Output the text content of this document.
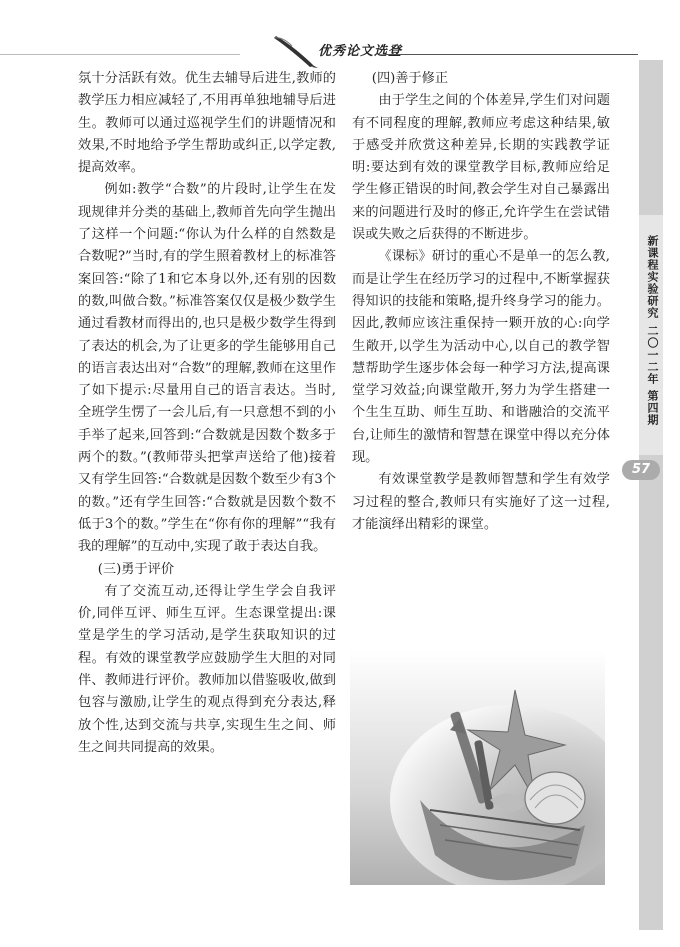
优秀论文选登

氛十分活跃有效。优生去辅导后进生,教师的教学压力相应减轻了,不用再单独地辅导后进生。教师可以通过巡视学生们的讲题情况和效果,不时地给予学生帮助或纠正,以学定教,提高效率。

例如:教学“合数”的片段时,让学生在发现规律并分类的基础上,教师首先向学生抛出了这样一个问题:“你认为什么样的自然数是合数呢?”当时,有的学生照着教材上的标准答案回答:“除了1和它本身以外,还有别的因数的数,叫做合数。”标准答案仅仅是极少数学生通过看教材而得出的,也只是极少数学生得到了表达的机会,为了让更多的学生能够用自己的语言表达出对“合数”的理解,教师在这里作了如下提示:尽量用自己的语言表达。当时,全班学生愣了一会儿后,有一只意想不到的小手举了起来,回答到:“合数就是因数个数多于两个的数。”(教师带头把掌声送给了他)接着又有学生回答:“合数就是因数个数至少有3个的数。”还有学生回答:“合数就是因数个数不低于3个的数。”学生在“你有你的理解”“我有我的理解”的互动中,实现了敢于表达自我。

(三)勇于评价

有了交流互动,还得让学生学会自我评价,同伴互评、师生互评。生态课堂提出:课堂是学生的学习活动,是学生获取知识的过程。有效的课堂教学应鼓励学生大胆的对同伴、教师进行评价。教师加以借鉴吸收,做到包容与激励,让学生的观点得到充分表达,释放个性,达到交流与共享,实现生生之间、师生之间共同提高的效果。

(四)善于修正

由于学生之间的个体差异,学生们对问题有不同程度的理解,教师应考虑这种结果,敏于感受并欣赏这种差异,长期的实践教学证明:要达到有效的课堂教学目标,教师应给足学生修正错误的时间,教会学生对自己暴露出来的问题进行及时的修正,允许学生在尝试错误或失败之后获得的不断进步。

《课标》研讨的重心不是单一的怎么教,而是让学生在经历学习的过程中,不断掌握获得知识的技能和策略,提升终身学习的能力。因此,教师应该注重保持一颗开放的心:向学生敞开,以学生为活动中心,以自己的教学智慧帮助学生逐步体会每一种学习方法,提高课堂学习效益;向课堂敞开,努力为学生搭建一个生生互助、师生互助、和谐融洽的交流平台,让师生的激情和智慧在课堂中得以充分体现。

有效课堂教学是教师智慧和学生有效学习过程的整合,教师只有实施好了这一过程,才能演绎出精彩的课堂。

新课程实验研究
二〇一二年 第四期
57
